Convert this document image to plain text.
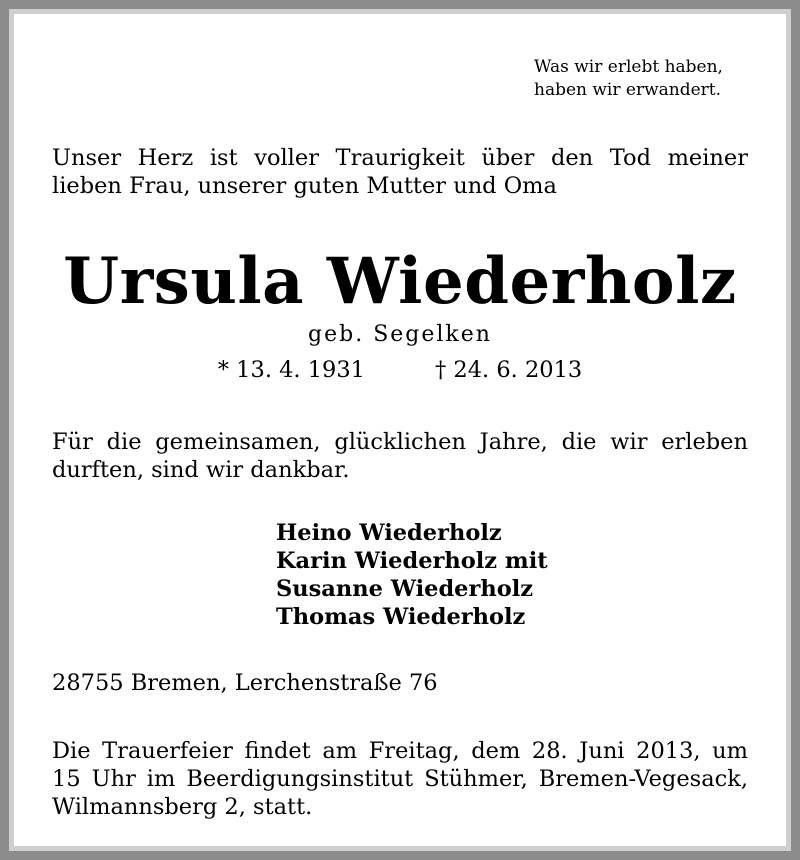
Was wir erlebt haben,
haben wir erwandert.
Unser Herz ist voller Traurigkeit über den Tod meiner
lieben Frau, unserer guten Mutter und Oma
Ursula Wiederholz
geb. Segelken
* 13. 4. 1931	† 24. 6. 2013
Für die gemeinsamen, glücklichen Jahre, die wir erleben
durften, sind wir dankbar.
Heino Wiederholz
Karin Wiederholz mit
Susanne Wiederholz
Thomas Wiederholz
28755 Bremen, Lerchenstraße 76
Die Trauerfeier findet am Freitag, dem 28. Juni 2013, um
15 Uhr im Beerdigungsinstitut Stühmer, Bremen-Vegesack,
Wilmannsberg 2, statt.
